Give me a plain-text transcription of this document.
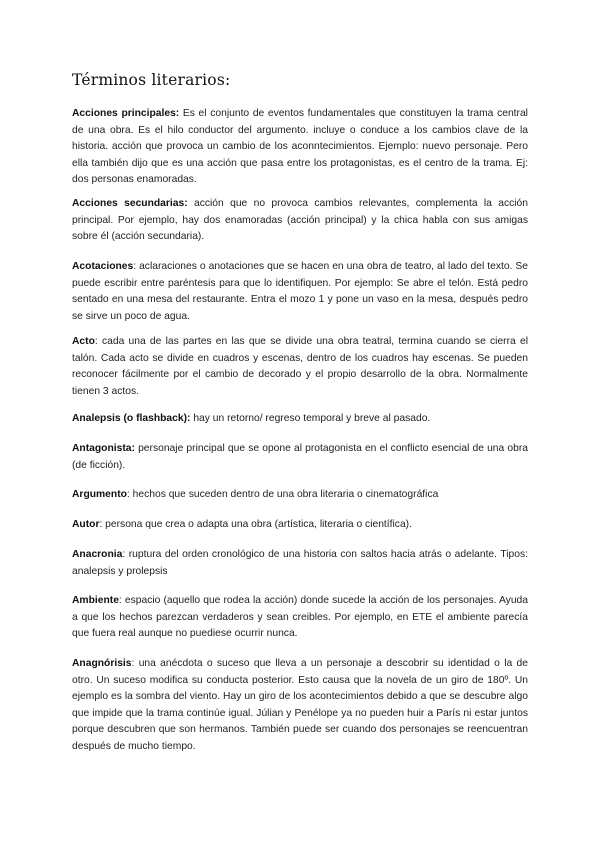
Términos literarios:

Acciones principales: Es el conjunto de eventos fundamentales que constituyen la trama central de una obra. Es el hilo conductor del argumento. incluye o conduce a los cambios clave de la historia. acción que provoca un cambio de los aconntecimientos. Ejemplo: nuevo personaje. Pero ella también dijo que es una acción que pasa entre los protagonistas, es el centro de la trama. Ej: dos personas enamoradas.

Acciones secundarias: acción que no provoca cambios relevantes, complementa la acción principal. Por ejemplo, hay dos enamoradas (acción principal) y la chica habla con sus amigas sobre él (acción secundaria).

Acotaciones: aclaraciones o anotaciones que se hacen en una obra de teatro, al lado del texto. Se puede escribir entre paréntesis para que lo identifiquen. Por ejemplo: Se abre el telón. Está pedro sentado en una mesa del restaurante. Entra el mozo 1 y pone un vaso en la mesa, después pedro se sirve un poco de agua.

Acto: cada una de las partes en las que se divide una obra teatral, termina cuando se cierra el talón. Cada acto se divide en cuadros y escenas, dentro de los cuadros hay escenas. Se pueden reconocer fácilmente por el cambio de decorado y el propio desarrollo de la obra. Normalmente tienen 3 actos.

Analepsis (o flashback): hay un retorno/ regreso temporal y breve al pasado.

Antagonista: personaje principal que se opone al protagonista en el conflicto esencial de una obra (de ficción).

Argumento: hechos que suceden dentro de una obra literaria o cinematográfica

Autor: persona que crea o adapta una obra (artística, literaria o científica).

Anacronia: ruptura del orden cronológico de una historia con saltos hacia atrás o adelante. Tipos: analepsis y prolepsis

Ambiente: espacio (aquello que rodea la acción) donde sucede la acción de los personajes. Ayuda a que los hechos parezcan verdaderos y sean creibles. Por ejemplo, en ETE el ambiente parecía que fuera real aunque no puediese ocurrir nunca.

Anagnórisis: una anécdota o suceso que lleva a un personaje a descobrir su identidad o la de otro. Un suceso modifica su conducta posterior. Esto causa que la novela de un giro de 180º. Un ejemplo es la sombra del viento. Hay un giro de los acontecimientos debido a que se descubre algo que impide que la trama continúe igual. Júlian y Penélope ya no pueden huir a París ni estar juntos porque descubren que son hermanos. También puede ser cuando dos personajes se reencuentran después de mucho tiempo.
